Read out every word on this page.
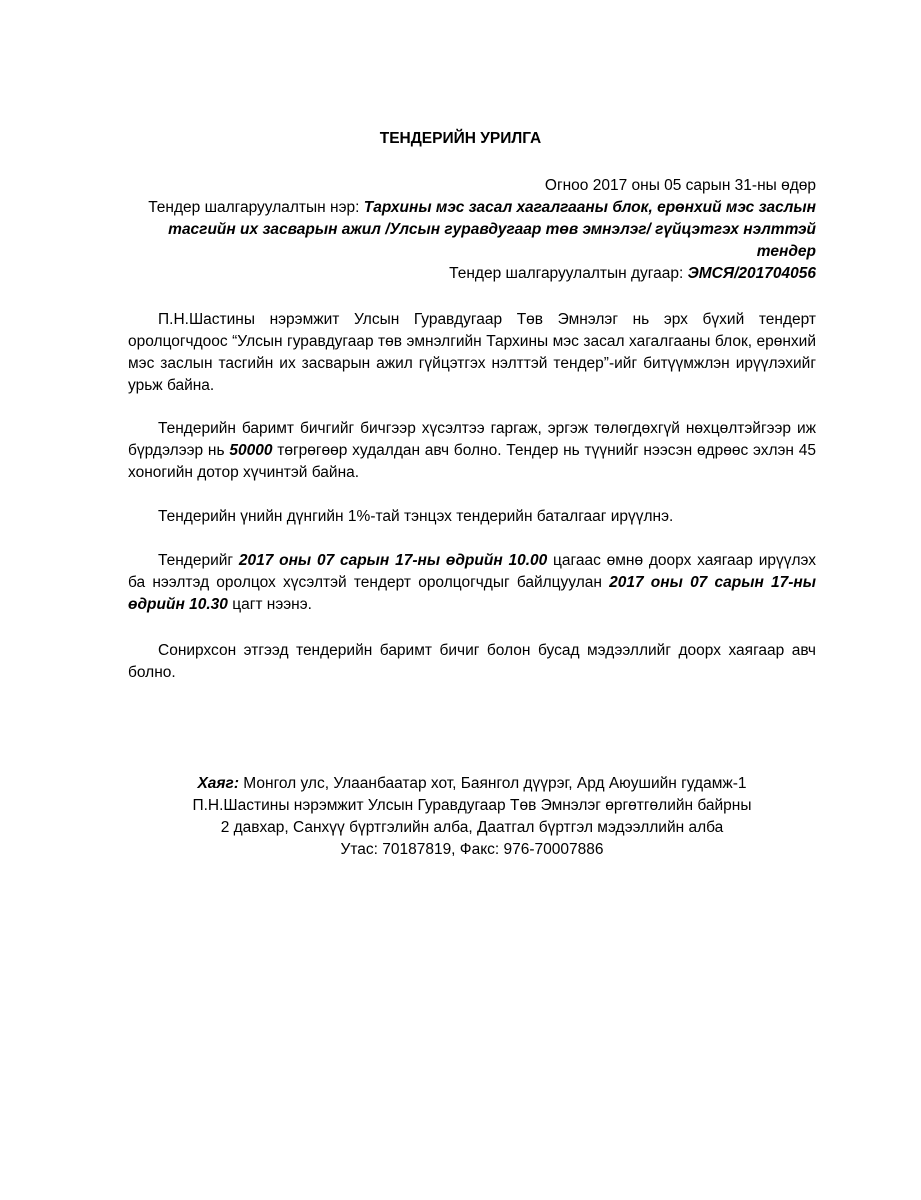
ТЕНДЕРИЙН УРИЛГА
Огноо 2017 оны 05 сарын 31-ны өдөр
Тендер шалгаруулалтын нэр: Тархины мэс засал хагалгааны блок, ерөнхий мэс заслын тасгийн их засварын ажил /Улсын гуравдугаар төв эмнэлэг/ гүйцэтгэх нэлттэй тендер
Тендер шалгаруулалтын дугаар: ЭМСЯ/201704056

П.Н.Шастины нэрэмжит Улсын Гуравдугаар Төв Эмнэлэг нь эрх бүхий тендерт оролцогчдоос “Улсын гуравдугаар төв эмнэлгийн Тархины мэс засал хагалгааны блок, ерөнхий мэс заслын тасгийн их засварын ажил гүйцэтгэх нэлттэй тендер”-ийг битүүмжлэн ирүүлэхийг урьж байна.

Тендерийн баримт бичгийг бичгээр хүсэлтээ гаргаж, эргэж төлөгдөхгүй нөхцөлтэйгээр иж бүрдэлээр нь 50000 төгрөгөөр худалдан авч болно. Тендер нь түүнийг нээсэн өдрөөс эхлэн 45 хоногийн дотор хүчинтэй байна.

Тендерийн үнийн дүнгийн 1%-тай тэнцэх тендерийн баталгааг ирүүлнэ.

Тендерийг 2017 оны 07 сарын 17-ны өдрийн 10.00 цагаас өмнө доорх хаягаар ирүүлэх ба нээлтэд оролцох хүсэлтэй тендерт оролцогчдыг байлцуулан 2017 оны 07 сарын 17-ны өдрийн 10.30 цагт нээнэ.

Сонирхсон этгээд тендерийн баримт бичиг болон бусад мэдээллийг доорх хаягаар авч болно.

Хаяг: Монгол улс, Улаанбаатар хот, Баянгол дүүрэг, Ард Аюушийн гудамж-1
П.Н.Шастины нэрэмжит Улсын Гуравдугаар Төв Эмнэлэг өргөтгөлийн байрны
2 давхар, Санхүү бүртгэлийн алба, Даатгал бүртгэл мэдээллийн алба
Утас: 70187819, Факс: 976-70007886
